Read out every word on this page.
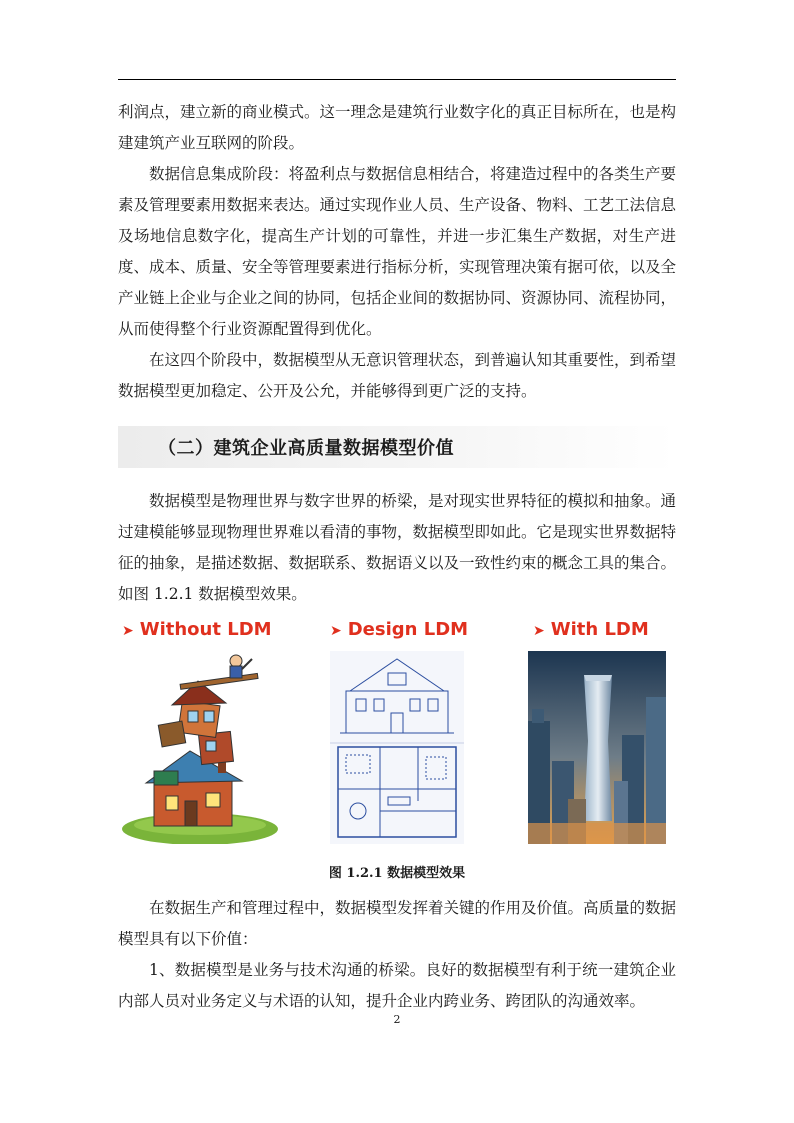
利润点，建立新的商业模式。这一理念是建筑行业数字化的真正目标所在，也是构建建筑产业互联网的阶段。

数据信息集成阶段：将盈利点与数据信息相结合，将建造过程中的各类生产要素及管理要素用数据来表达。通过实现作业人员、生产设备、物料、工艺工法信息及场地信息数字化，提高生产计划的可靠性，并进一步汇集生产数据，对生产进度、成本、质量、安全等管理要素进行指标分析，实现管理决策有据可依，以及全产业链上企业与企业之间的协同，包括企业间的数据协同、资源协同、流程协同，从而使得整个行业资源配置得到优化。

在这四个阶段中，数据模型从无意识管理状态，到普遍认知其重要性，到希望数据模型更加稳定、公开及公允，并能够得到更广泛的支持。

（二）建筑企业高质量数据模型价值

数据模型是物理世界与数字世界的桥梁，是对现实世界特征的模拟和抽象。通过建模能够显现物理世界难以看清的事物，数据模型即如此。它是现实世界数据特征的抽象，是描述数据、数据联系、数据语义以及一致性约束的概念工具的集合。如图 1.2.1 数据模型效果。

➤ Without LDM	➤ Design LDM	➤ With LDM
图 1.2.1 数据模型效果

在数据生产和管理过程中，数据模型发挥着关键的作用及价值。高质量的数据模型具有以下价值：

1、数据模型是业务与技术沟通的桥梁。良好的数据模型有利于统一建筑企业内部人员对业务定义与术语的认知，提升企业内跨业务、跨团队的沟通效率。

2
